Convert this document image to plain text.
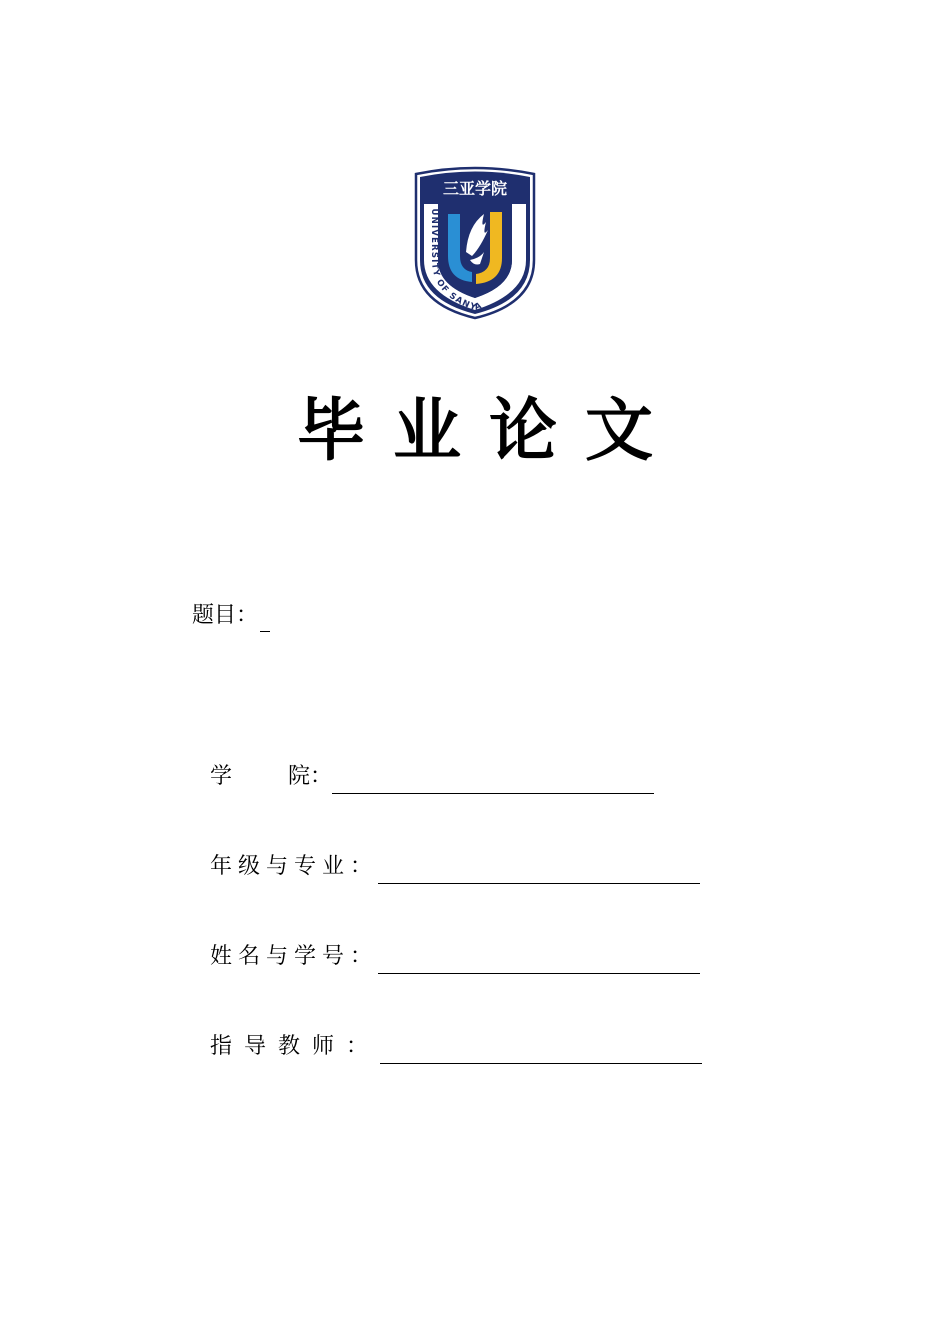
三亚学院
UNIVERSITY OF SANYA
毕业论文
题目：
学	院：
年级与专业：
姓名与学号：
指导教师：
